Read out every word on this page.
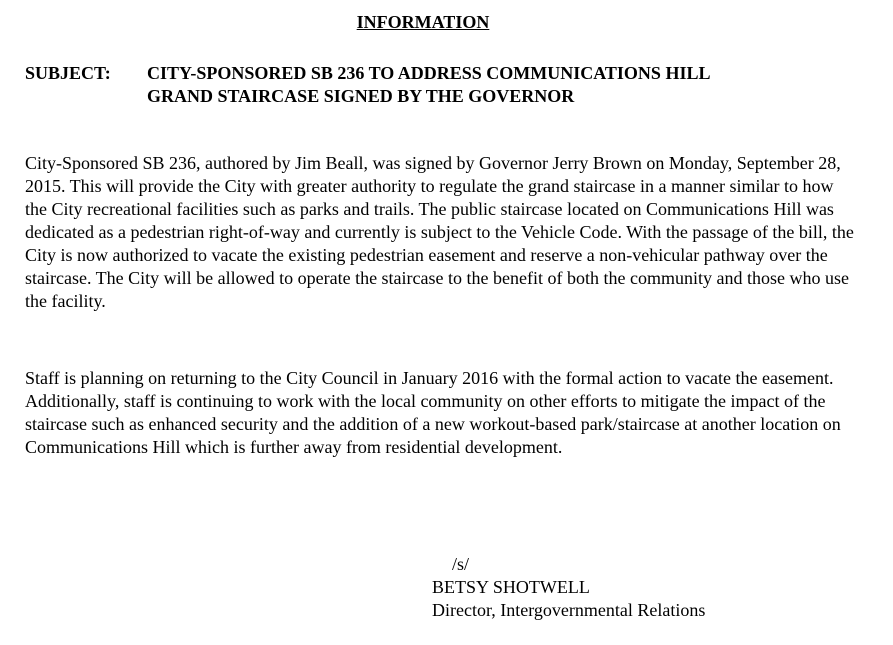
INFORMATION
SUBJECT:	CITY-SPONSORED SB 236 TO ADDRESS COMMUNICATIONS HILL
GRAND STAIRCASE SIGNED BY THE GOVERNOR

City-Sponsored SB 236, authored by Jim Beall, was signed by Governor Jerry Brown on Monday, September 28, 2015. This will provide the City with greater authority to regulate the grand staircase in a manner similar to how the City recreational facilities such as parks and trails. The public staircase located on Communications Hill was dedicated as a pedestrian right-of-way and currently is subject to the Vehicle Code. With the passage of the bill, the City is now authorized to vacate the existing pedestrian easement and reserve a non-vehicular pathway over the staircase. The City will be allowed to operate the staircase to the benefit of both the community and those who use the facility.

Staff is planning on returning to the City Council in January 2016 with the formal action to vacate the easement. Additionally, staff is continuing to work with the local community on other efforts to mitigate the impact of the staircase such as enhanced security and the addition of a new workout-based park/staircase at another location on Communications Hill which is further away from residential development.

/s/
BETSY SHOTWELL
Director, Intergovernmental Relations
